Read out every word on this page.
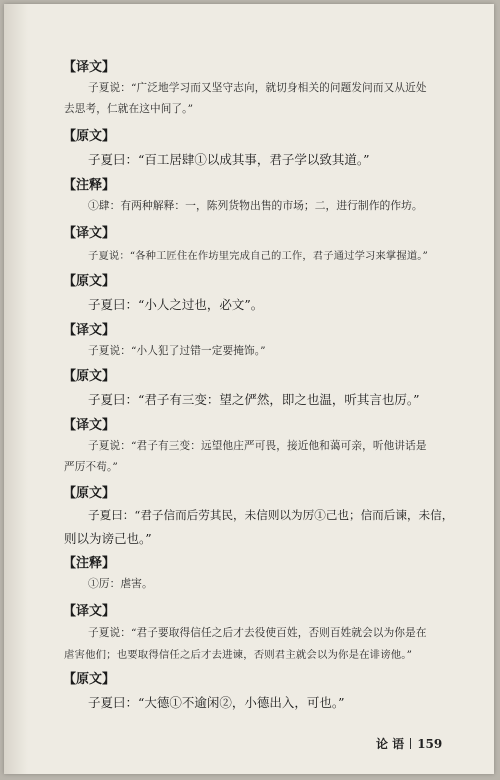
【译文】
子夏说：“广泛地学习而又坚守志向，就切身相关的问题发问而又从近处
去思考，仁就在这中间了。”
【原文】
子夏曰：“百工居肆①以成其事，君子学以致其道。”
【注释】
①肆：有两种解释：一，陈列货物出售的市场；二，进行制作的作坊。
【译文】
子夏说：“各种工匠住在作坊里完成自己的工作，君子通过学习来掌握道。”
【原文】
子夏曰：“小人之过也，必文”。
【译文】
子夏说：“小人犯了过错一定要掩饰。”
【原文】
子夏曰：“君子有三变：望之俨然，即之也温，听其言也厉。”
【译文】
子夏说：“君子有三变：远望他庄严可畏，接近他和蔼可亲，听他讲话是
严厉不苟。”
【原文】
子夏曰：“君子信而后劳其民，未信则以为厉①己也；信而后谏，未信，
则以为谤己也。”
【注释】
①厉：虐害。
【译文】
子夏说：“君子要取得信任之后才去役使百姓，否则百姓就会以为你是在
虐害他们；也要取得信任之后才去进谏，否则君主就会以为你是在诽谤他。”
【原文】
子夏曰：“大德①不逾闲②，小德出入，可也。”
论 语 159
